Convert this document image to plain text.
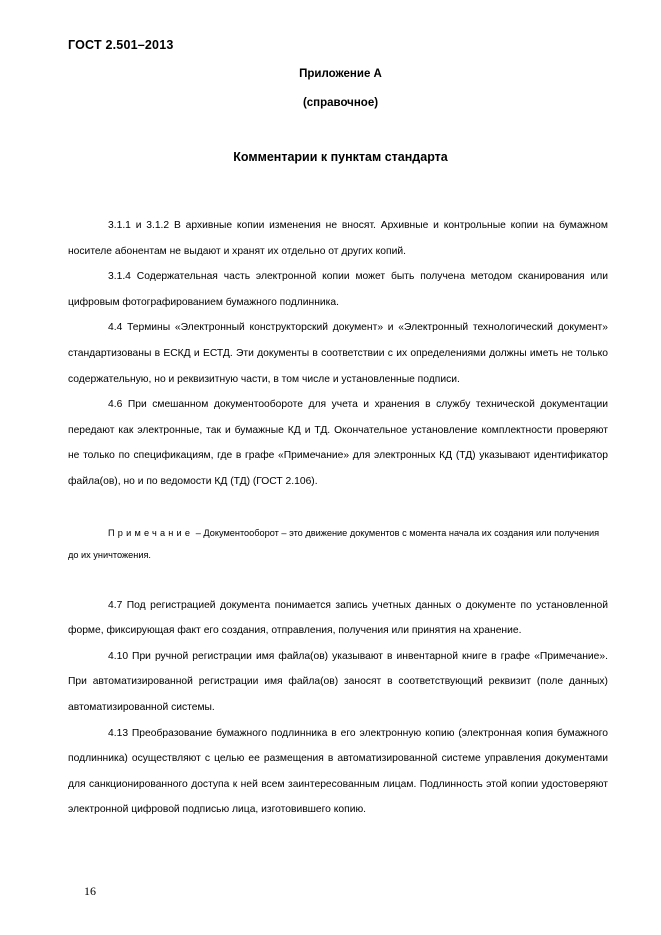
ГОСТ 2.501–2013
Приложение А
(справочное)
Комментарии к пунктам стандарта

3.1.1 и 3.1.2 В архивные копии изменения не вносят. Архивные и контрольные копии на бумажном носителе абонентам не выдают и хранят их отдельно от других копий.

3.1.4 Содержательная часть электронной копии может быть получена методом сканирования или цифровым фотографированием бумажного подлинника.

4.4 Термины «Электронный конструкторский документ» и «Электронный технологический документ» стандартизованы в ЕСКД и ЕСТД. Эти документы в соответствии с их определениями должны иметь не только содержательную, но и реквизитную части, в том числе и установленные подписи.

4.6 При смешанном документообороте для учета и хранения в службу технической документации передают как электронные, так и бумажные КД и ТД. Окончательное установление комплектности проверяют не только по спецификациям, где в графе «Примечание» для электронных КД (ТД) указывают идентификатор файла(ов), но и по ведомости КД (ТД) (ГОСТ 2.106).

Примечание – Документооборот – это движение документов с момента начала их создания или получения до их уничтожения.

4.7 Под регистрацией документа понимается запись учетных данных о документе по установленной форме, фиксирующая факт его создания, отправления, получения или принятия на хранение.

4.10 При ручной регистрации имя файла(ов) указывают в инвентарной книге в графе «Примечание». При автоматизированной регистрации имя файла(ов) заносят в соответствующий реквизит (поле данных) автоматизированной системы.

4.13 Преобразование бумажного подлинника в его электронную копию (электронная копия бумажного подлинника) осуществляют с целью ее размещения в автоматизированной системе управления документами для санкционированного доступа к ней всем заинтересованным лицам. Подлинность этой копии удостоверяют электронной цифровой подписью лица, изготовившего копию.

16
